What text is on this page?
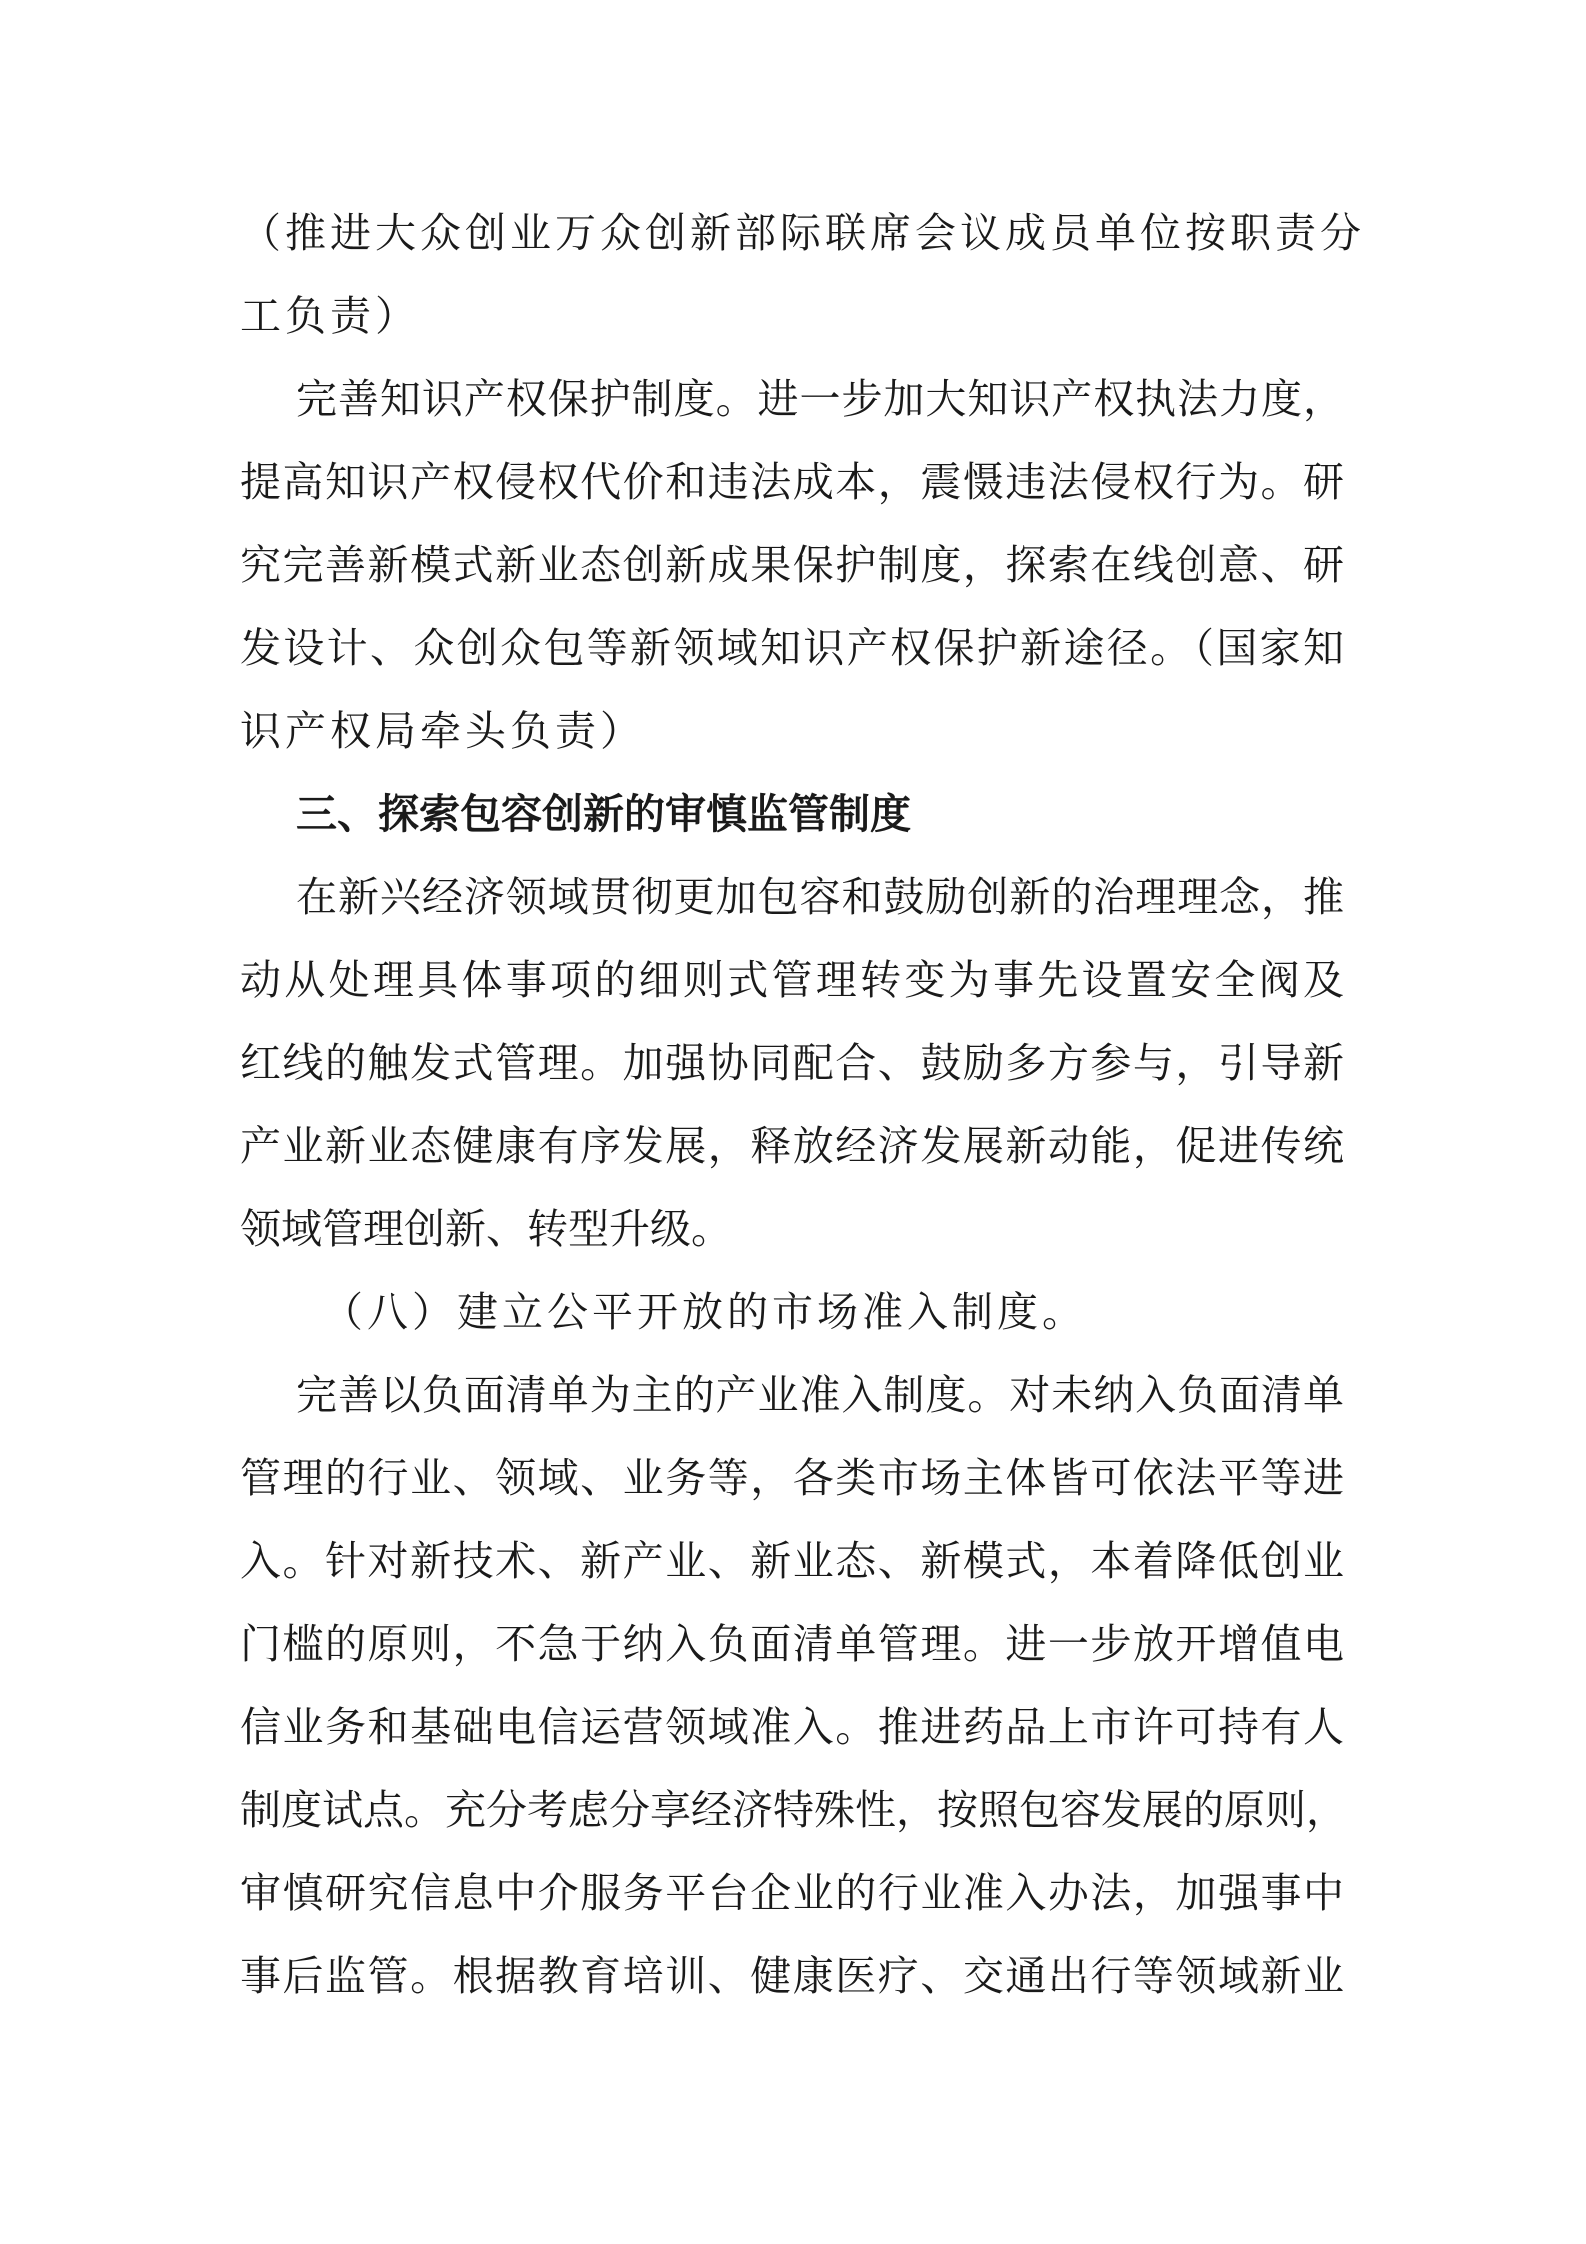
（推进大众创业万众创新部际联席会议成员单位按职责分
工负责）
完善知识产权保护制度。进一步加大知识产权执法力度，
提高知识产权侵权代价和违法成本，震慑违法侵权行为。研
究完善新模式新业态创新成果保护制度，探索在线创意、研
发设计、众创众包等新领域知识产权保护新途径。（国家知
识产权局牵头负责）
三、探索包容创新的审慎监管制度
在新兴经济领域贯彻更加包容和鼓励创新的治理理念，推
动从处理具体事项的细则式管理转变为事先设置安全阀及
红线的触发式管理。加强协同配合、鼓励多方参与，引导新
产业新业态健康有序发展，释放经济发展新动能，促进传统
领域管理创新、转型升级。
（八）建立公平开放的市场准入制度。
完善以负面清单为主的产业准入制度。对未纳入负面清单
管理的行业、领域、业务等，各类市场主体皆可依法平等进
入。针对新技术、新产业、新业态、新模式，本着降低创业
门槛的原则，不急于纳入负面清单管理。进一步放开增值电
信业务和基础电信运营领域准入。推进药品上市许可持有人
制度试点。充分考虑分享经济特殊性，按照包容发展的原则，
审慎研究信息中介服务平台企业的行业准入办法，加强事中
事后监管。根据教育培训、健康医疗、交通出行等领域新业
